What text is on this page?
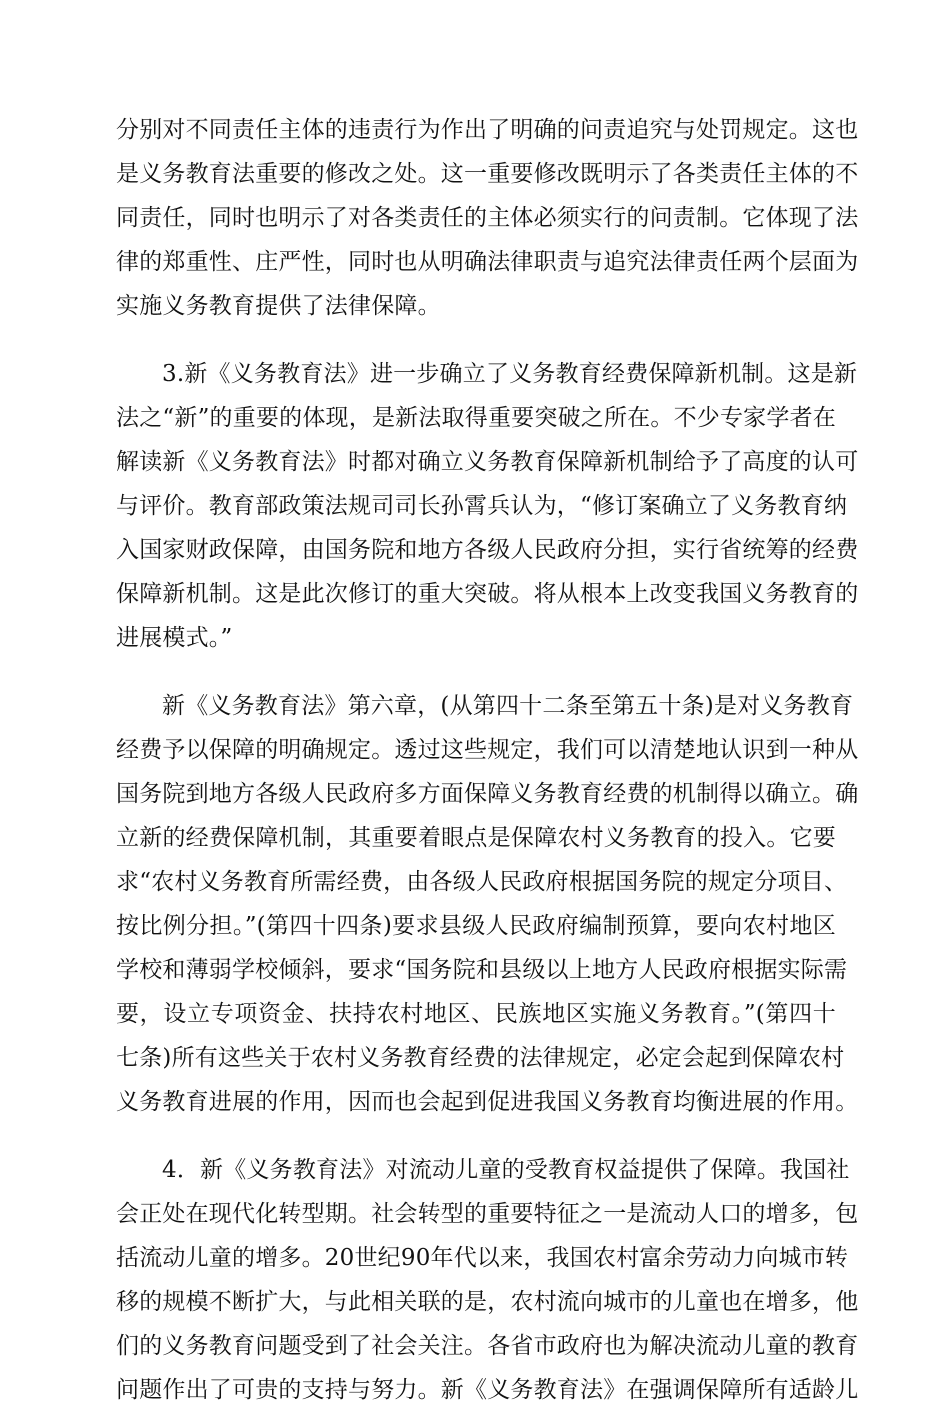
分别对不同责任主体的违责行为作出了明确的问责追究与处罚规定。这也
是义务教育法重要的修改之处。这一重要修改既明示了各类责任主体的不
同责任，同时也明示了对各类责任的主体必须实行的问责制。它体现了法
律的郑重性、庄严性，同时也从明确法律职责与追究法律责任两个层面为
实施义务教育提供了法律保障。
3.新《义务教育法》进一步确立了义务教育经费保障新机制。这是新
法之“新”的重要的体现，是新法取得重要突破之所在。不少专家学者在
解读新《义务教育法》时都对确立义务教育保障新机制给予了高度的认可
与评价。教育部政策法规司司长孙霄兵认为，“修订案确立了义务教育纳
入国家财政保障，由国务院和地方各级人民政府分担，实行省统筹的经费
保障新机制。这是此次修订的重大突破。将从根本上改变我国义务教育的
进展模式。”
新《义务教育法》第六章，(从第四十二条至第五十条)是对义务教育
经费予以保障的明确规定。透过这些规定，我们可以清楚地认识到一种从
国务院到地方各级人民政府多方面保障义务教育经费的机制得以确立。确
立新的经费保障机制，其重要着眼点是保障农村义务教育的投入。它要
求“农村义务教育所需经费，由各级人民政府根据国务院的规定分项目、
按比例分担。”(第四十四条)要求县级人民政府编制预算，要向农村地区
学校和薄弱学校倾斜，要求“国务院和县级以上地方人民政府根据实际需
要，设立专项资金、扶持农村地区、民族地区实施义务教育。”(第四十
七条)所有这些关于农村义务教育经费的法律规定，必定会起到保障农村
义务教育进展的作用，因而也会起到促进我国义务教育均衡进展的作用。
4．新《义务教育法》对流动儿童的受教育权益提供了保障。我国社
会正处在现代化转型期。社会转型的重要特征之一是流动人口的增多，包
括流动儿童的增多。20世纪90年代以来，我国农村富余劳动力向城市转
移的规模不断扩大，与此相关联的是，农村流向城市的儿童也在增多，他
们的义务教育问题受到了社会关注。各省市政府也为解决流动儿童的教育
问题作出了可贵的支持与努力。新《义务教育法》在强调保障所有适龄儿
